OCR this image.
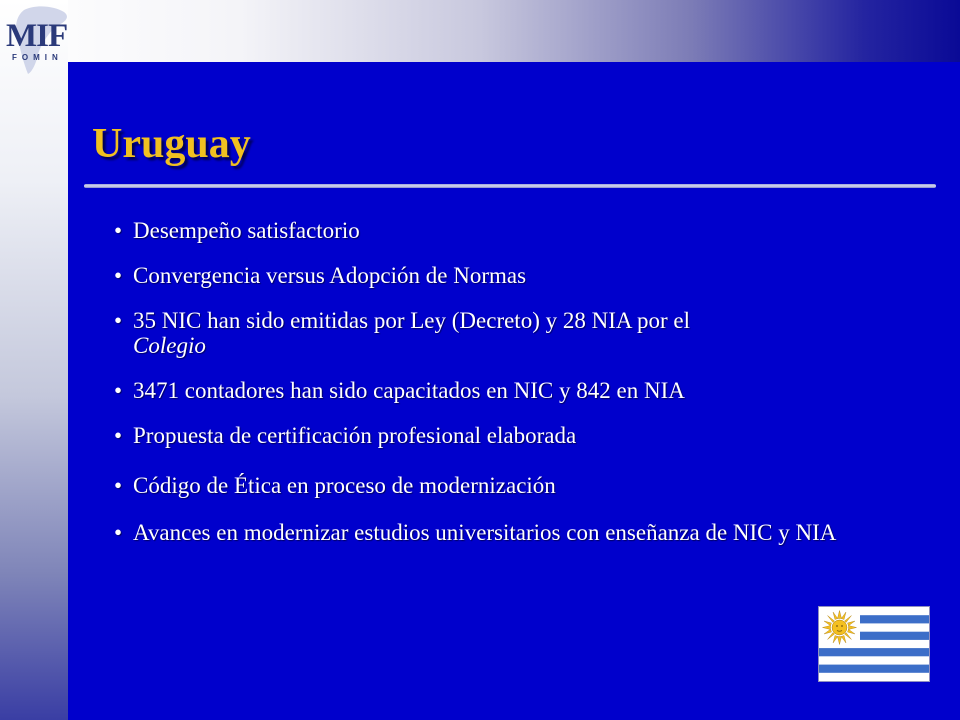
MIF
FOMIN
Uruguay
• Desempeño satisfactorio
• Convergencia versus Adopción de Normas
• 35 NIC han sido emitidas por Ley (Decreto) y 28 NIA por el
Colegio
• 3471 contadores han sido capacitados en NIC y 842 en NIA
• Propuesta de certificación profesional elaborada
• Código de Ética en proceso de modernización
• Avances en modernizar estudios universitarios con enseñanza de NIC y NIA
